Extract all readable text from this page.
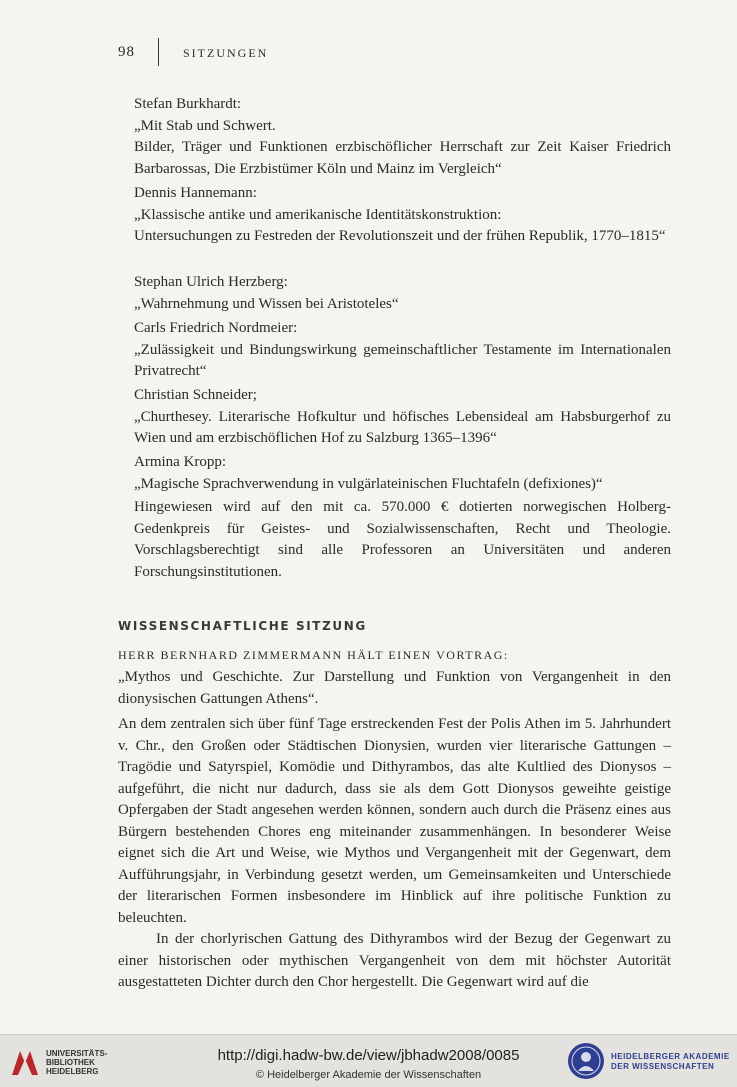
98	SITZUNGEN

Stefan Burkhardt:

„Mit Stab und Schwert.

Bilder, Träger und Funktionen erzbischöflicher Herrschaft zur Zeit Kaiser Friedrich Barbarossas, Die Erzbistümer Köln und Mainz im Vergleich“

Dennis Hannemann:

„Klassische antike und amerikanische Identitätskonstruktion:

Untersuchungen zu Festreden der Revolutionszeit und der frühen Republik, 1770–1815“

Stephan Ulrich Herzberg:

„Wahrnehmung und Wissen bei Aristoteles“

Carls Friedrich Nordmeier:

„Zulässigkeit und Bindungswirkung gemeinschaftlicher Testamente im Internationalen Privatrecht“

Christian Schneider;

„Churthesey. Literarische Hofkultur und höfisches Lebensideal am Habsburgerhof zu Wien und am erzbischöflichen Hof zu Salzburg 1365–1396“

Armina Kropp:

„Magische Sprachverwendung in vulgärlateinischen Fluchtafeln (defixiones)“

Hingewiesen wird auf den mit ca. 570.000 € dotierten norwegischen Holberg-Gedenkpreis für Geistes- und Sozialwissenschaften, Recht und Theologie. Vorschlagsberechtigt sind alle Professoren an Universitäten und anderen Forschungsinstitutionen.

WISSENSCHAFTLICHE SITZUNG

HERR BERNHARD ZIMMERMANN HÄLT EINEN VORTRAG:

„Mythos und Geschichte. Zur Darstellung und Funktion von Vergangenheit in den dionysischen Gattungen Athens“.

An dem zentralen sich über fünf Tage erstreckenden Fest der Polis Athen im 5. Jahrhundert v. Chr., den Großen oder Städtischen Dionysien, wurden vier literarische Gattungen – Tragödie und Satyrspiel, Komödie und Dithyrambos, das alte Kultlied des Dionysos – aufgeführt, die nicht nur dadurch, dass sie als dem Gott Dionysos geweihte geistige Opfergaben der Stadt angesehen werden können, sondern auch durch die Präsenz eines aus Bürgern bestehenden Chores eng miteinander zusammenhängen. In besonderer Weise eignet sich die Art und Weise, wie Mythos und Vergangenheit mit der Gegenwart, dem Aufführungsjahr, in Verbindung gesetzt werden, um Gemeinsamkeiten und Unterschiede der literarischen Formen insbesondere im Hinblick auf ihre politische Funktion zu beleuchten.

In der chorlyrischen Gattung des Dithyrambos wird der Bezug der Gegenwart zu einer historischen oder mythischen Vergangenheit von dem mit höchster Autorität ausgestatteten Dichter durch den Chor hergestellt. Die Gegenwart wird auf die

UNIVERSITÄTS-
BIBLIOTHEK
HEIDELBERG
http://digi.hadw-bw.de/view/jbhadw2008/0085
© Heidelberger Akademie der Wissenschaften
HEIDELBERGER AKADEMIE
DER WISSENSCHAFTEN
